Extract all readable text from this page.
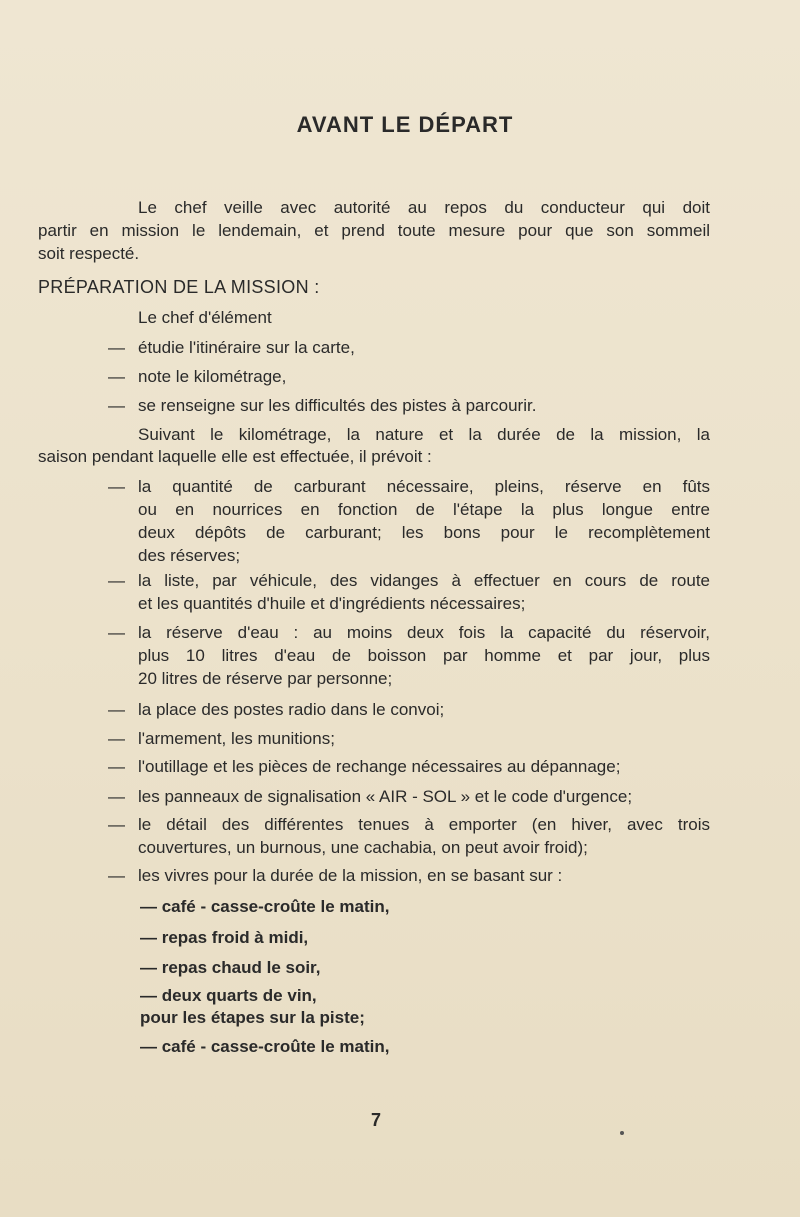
AVANT LE DÉPART
Le chef veille avec autorité au repos du conducteur qui doit
partir en mission le lendemain, et prend toute mesure pour que son sommeil
soit respecté.
PRÉPARATION DE LA MISSION :
Le chef d'élément
— étudie l'itinéraire sur la carte,
— note le kilométrage,
— se renseigne sur les difficultés des pistes à parcourir.
Suivant le kilométrage, la nature et la durée de la mission, la
saison pendant laquelle elle est effectuée, il prévoit :
— la quantité de carburant nécessaire, pleins, réserve en fûts
ou en nourrices en fonction de l'étape la plus longue entre
deux dépôts de carburant; les bons pour le recomplètement
des réserves;
— la liste, par véhicule, des vidanges à effectuer en cours de route
et les quantités d'huile et d'ingrédients nécessaires;
— la réserve d'eau : au moins deux fois la capacité du réservoir,
plus 10 litres d'eau de boisson par homme et par jour, plus
20 litres de réserve par personne;
— la place des postes radio dans le convoi;
— l'armement, les munitions;
— l'outillage et les pièces de rechange nécessaires au dépannage;
— les panneaux de signalisation « AIR - SOL » et le code d'urgence;
— le détail des différentes tenues à emporter (en hiver, avec trois
couvertures, un burnous, une cachabia, on peut avoir froid);
— les vivres pour la durée de la mission, en se basant sur :
— café - casse-croûte le matin,
— repas froid à midi,
— repas chaud le soir,
— deux quarts de vin,
pour les étapes sur la piste;
— café - casse-croûte le matin,
7
